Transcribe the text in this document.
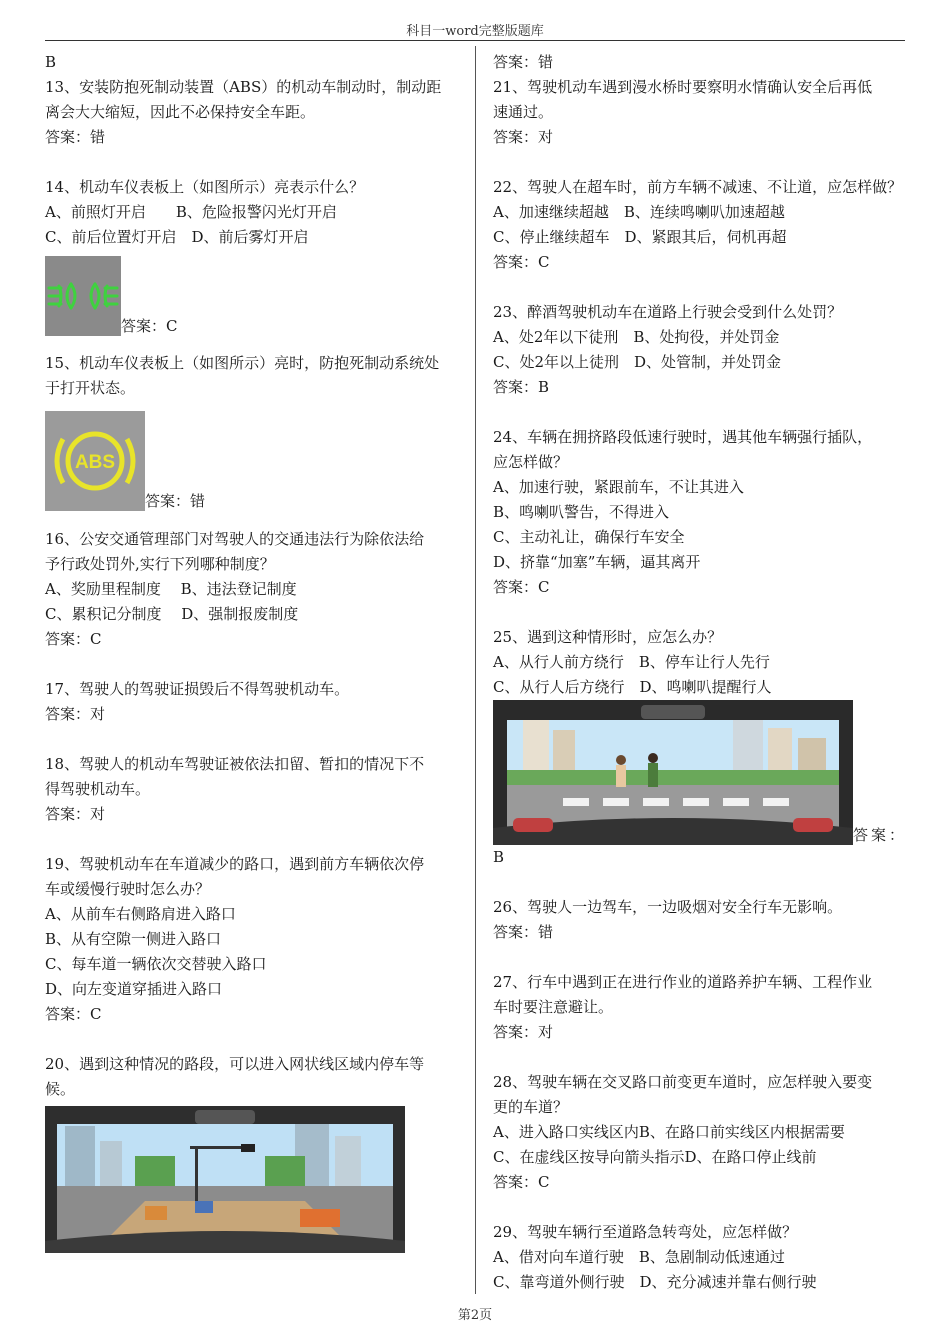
科目一word完整版题库
B
13、安装防抱死制动装置（ABS）的机动车制动时，制动距
离会大大缩短，因此不必保持安全车距。
答案：错
14、机动车仪表板上（如图所示）亮表示什么？
A、前照灯开启　　B、危险报警闪光灯开启
C、前后位置灯开启　D、前后雾灯开启
答案：C
15、机动车仪表板上（如图所示）亮时，防抱死制动系统处
于打开状态。
ABS
答案：错
16、公安交通管理部门对驾驶人的交通违法行为除依法给
予行政处罚外,实行下列哪种制度？
A、奖励里程制度　 B、违法登记制度
C、累积记分制度　 D、强制报废制度
答案：C
17、驾驶人的驾驶证损毁后不得驾驶机动车。
答案：对
18、驾驶人的机动车驾驶证被依法扣留、暂扣的情况下不
得驾驶机动车。
答案：对
19、驾驶机动车在车道减少的路口，遇到前方车辆依次停
车或缓慢行驶时怎么办？
A、从前车右侧路肩进入路口
B、从有空隙一侧进入路口
C、每车道一辆依次交替驶入路口
D、向左变道穿插进入路口
答案：C
20、遇到这种情况的路段，可以进入网状线区域内停车等
候。
答案：错
21、驾驶机动车遇到漫水桥时要察明水情确认安全后再低
速通过。
答案：对
22、驾驶人在超车时，前方车辆不减速、不让道，应怎样做？
A、加速继续超越　B、连续鸣喇叭加速超越
C、停止继续超车　D、紧跟其后，伺机再超
答案：C
23、醉酒驾驶机动车在道路上行驶会受到什么处罚？
A、处2年以下徒刑　B、处拘役，并处罚金
C、处2年以上徒刑　D、处管制，并处罚金
答案：B
24、车辆在拥挤路段低速行驶时，遇其他车辆强行插队，
应怎样做？
A、加速行驶，紧跟前车，不让其进入
B、鸣喇叭警告，不得进入
C、主动礼让，确保行车安全
D、挤靠“加塞”车辆，逼其离开
答案：C
25、遇到这种情形时，应怎么办？
A、从行人前方绕行　B、停车让行人先行
C、从行人后方绕行　D、鸣喇叭提醒行人
答案：
B
26、驾驶人一边驾车，一边吸烟对安全行车无影响。
答案：错
27、行车中遇到正在进行作业的道路养护车辆、工程作业
车时要注意避让。
答案：对
28、驾驶车辆在交叉路口前变更车道时，应怎样驶入要变
更的车道？
A、进入路口实线区内B、在路口前实线区内根据需要
C、在虚线区按导向箭头指示D、在路口停止线前
答案：C
29、驾驶车辆行至道路急转弯处，应怎样做？
A、借对向车道行驶　B、急剧制动低速通过
C、靠弯道外侧行驶　D、充分减速并靠右侧行驶
第2页
